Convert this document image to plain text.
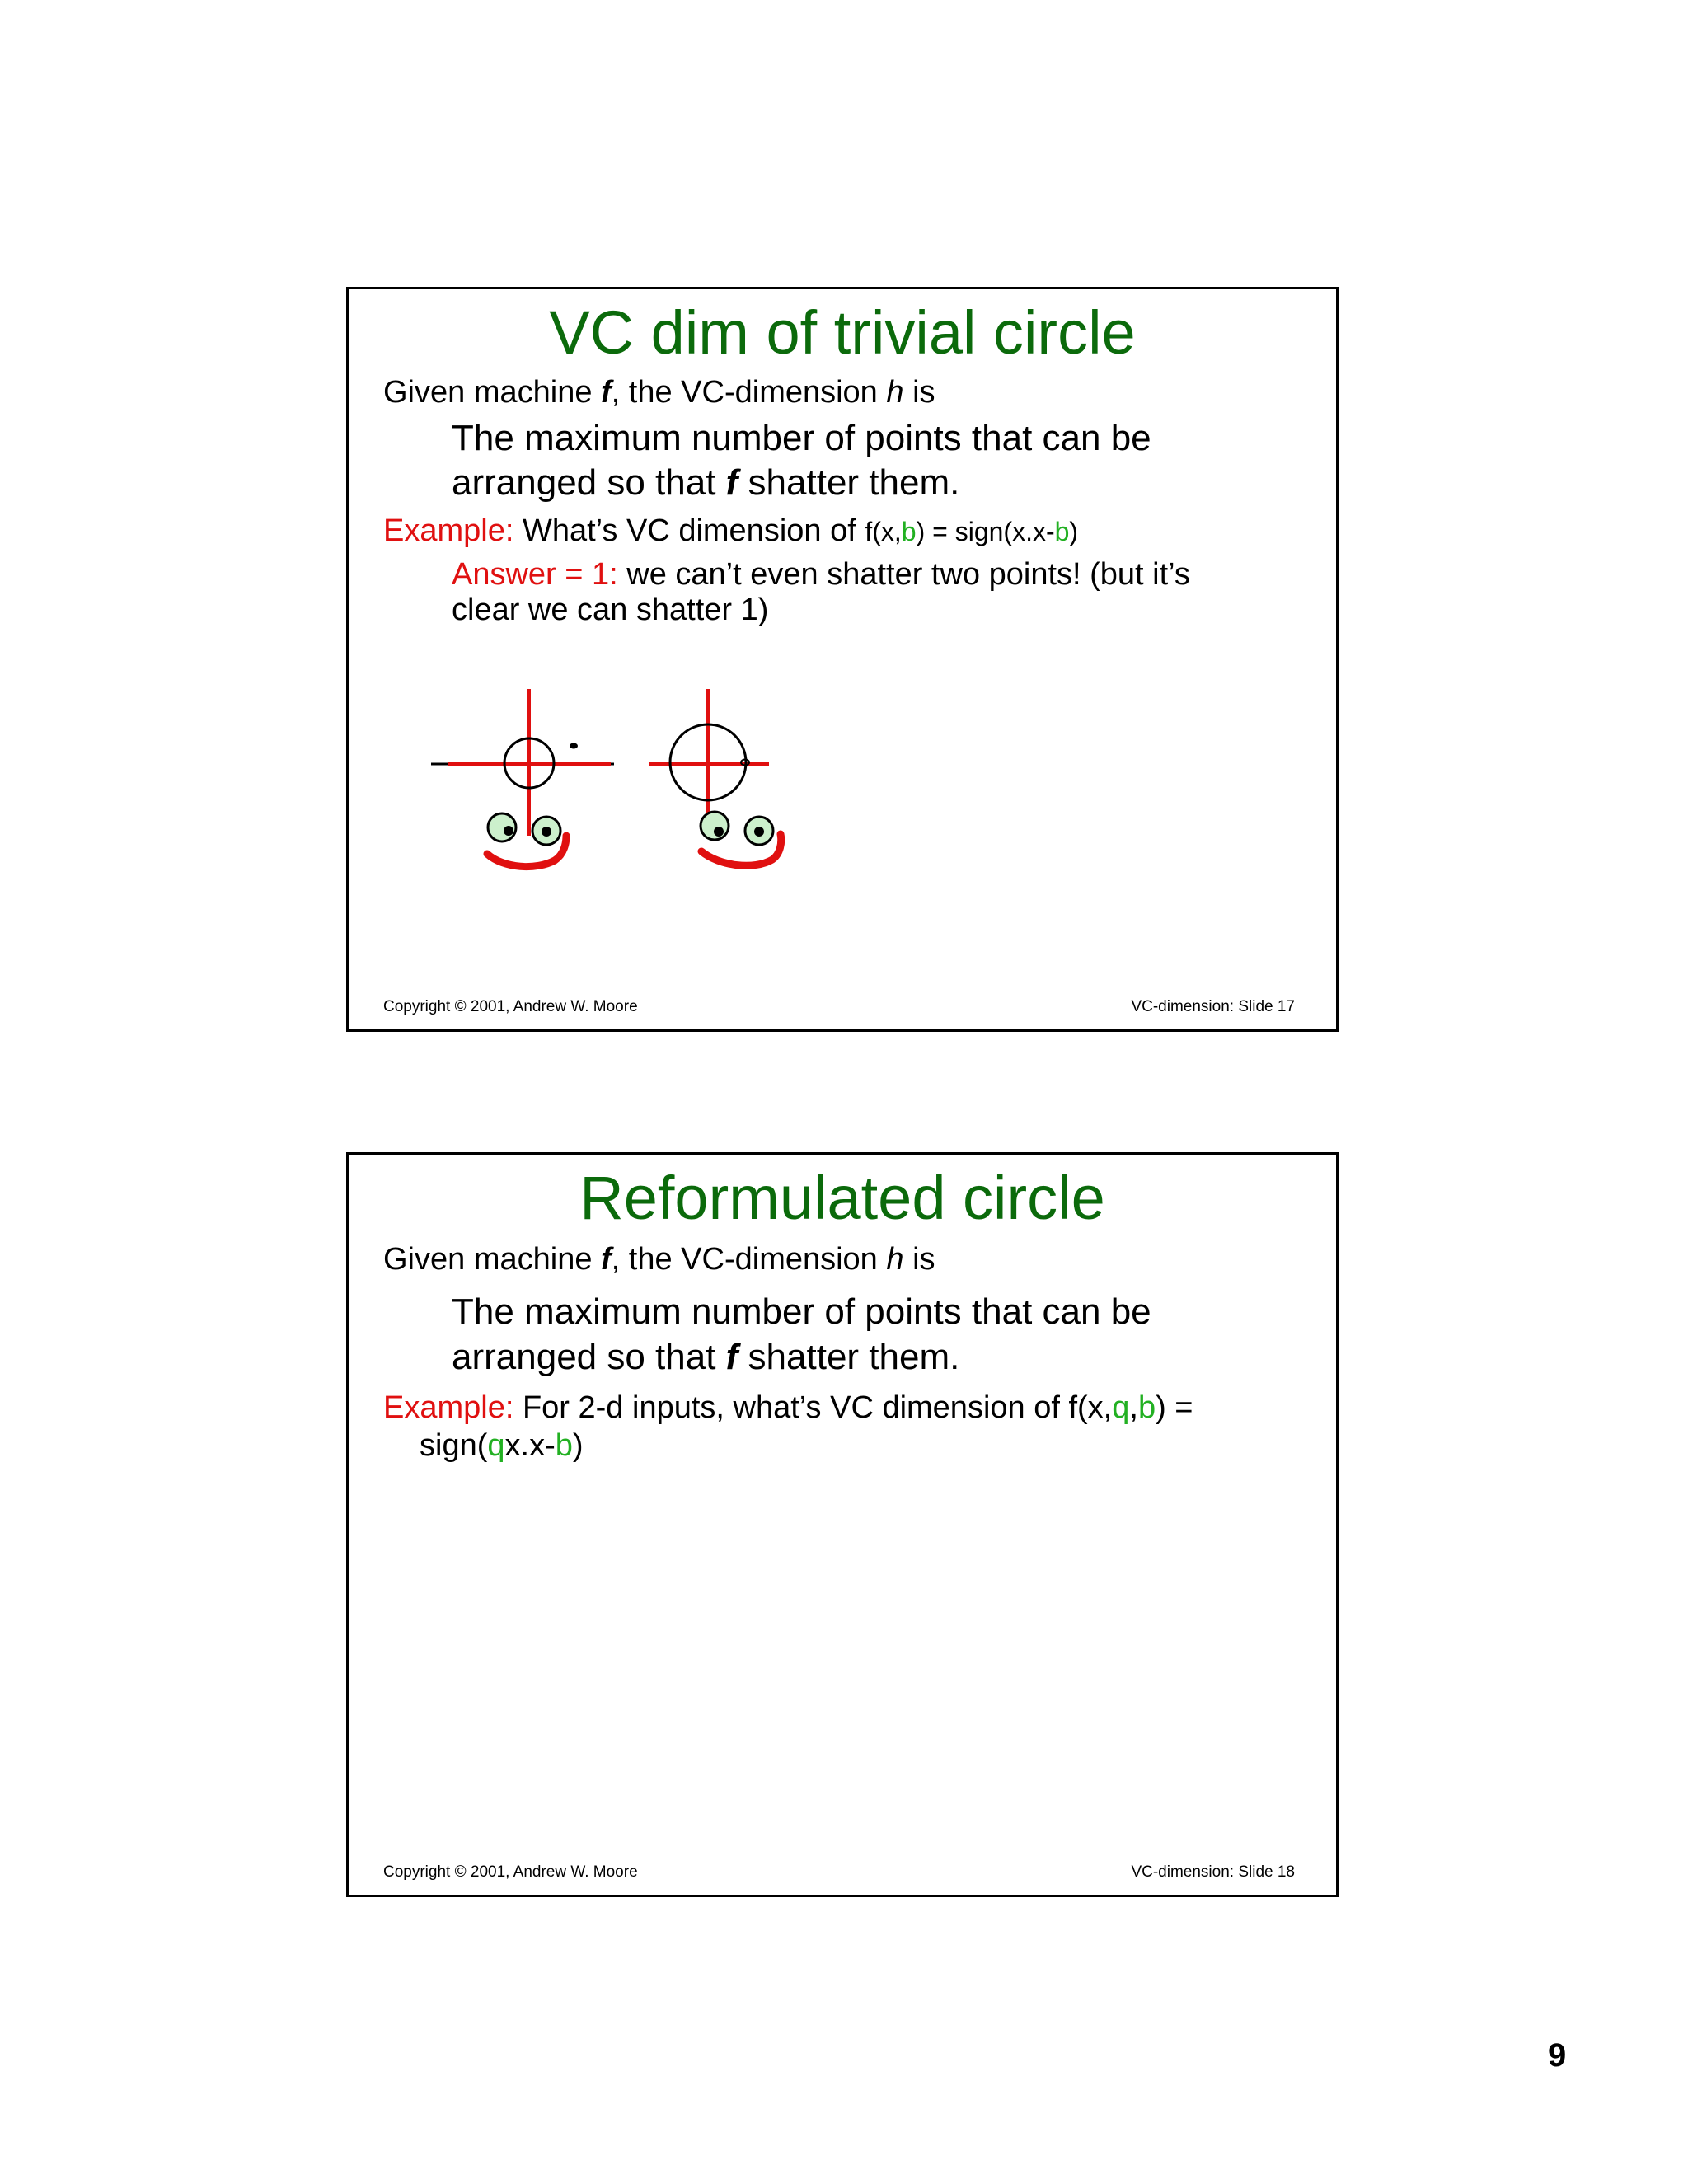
VC dim of trivial circle
Given machine f, the VC-dimension h is
The maximum number of points that can be
arranged so that f shatter them.
Example: What’s VC dimension of f(x,b) = sign(x.x-b)
Answer = 1: we can’t even shatter two points! (but it’s
clear we can shatter 1)
Copyright © 2001, Andrew W. Moore	VC-dimension: Slide 17
Reformulated circle
Given machine f, the VC-dimension h is
The maximum number of points that can be
arranged so that f shatter them.
Example: For 2-d inputs, what’s VC dimension of f(x,q,b) =
sign(qx.x-b)
Copyright © 2001, Andrew W. Moore	VC-dimension: Slide 18
9
